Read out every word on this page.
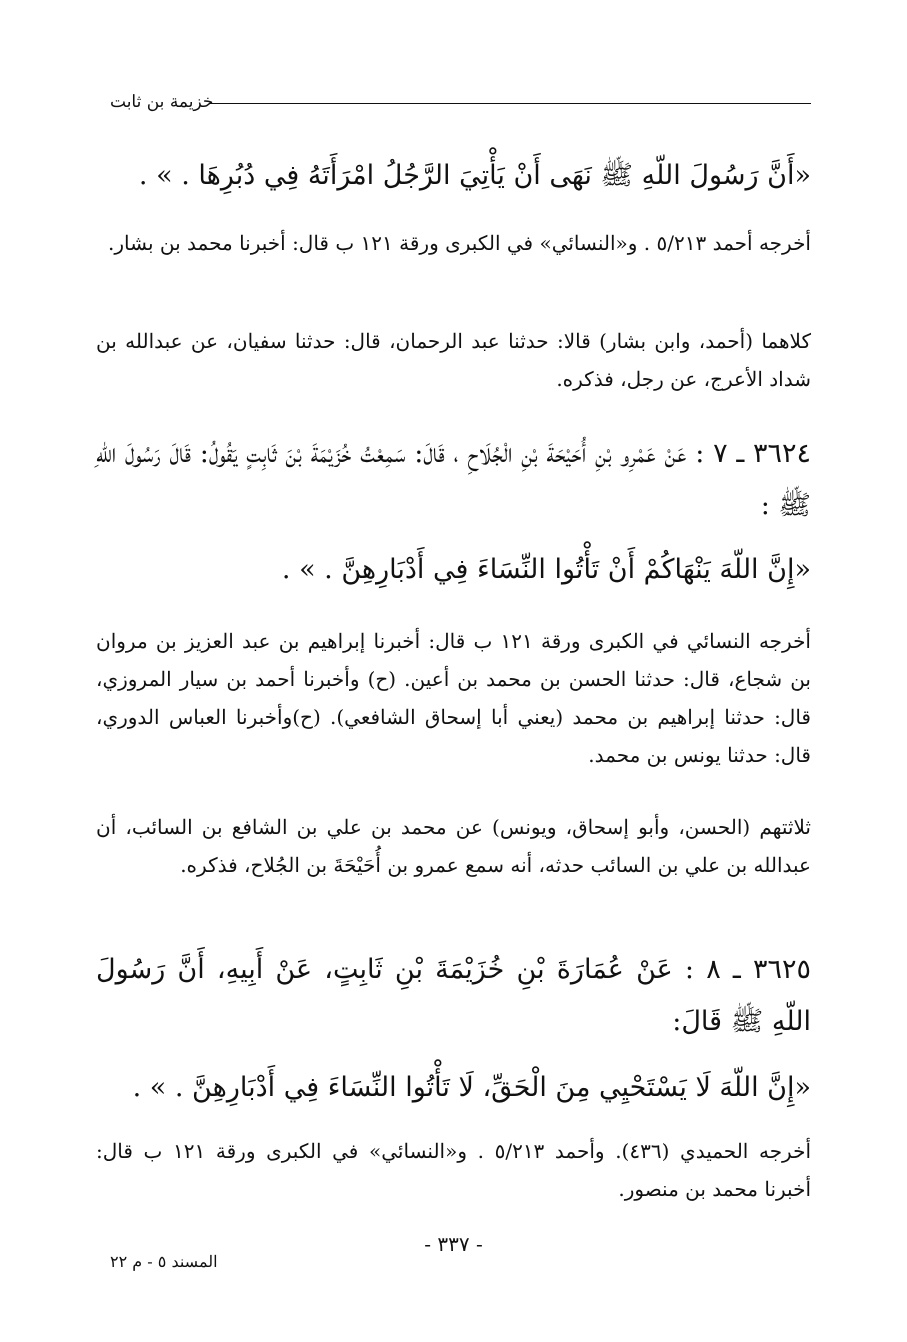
خزيمة بن ثابت
«أَنَّ رَسُولَ اللّهِ ﷺ نَهَى أَنْ يَأْتِيَ الرَّجُلُ امْرَأَتَهُ فِي دُبُرِهَا . » .
أخرجه أحمد ٥/٢١٣ . و«النسائي» في الكبرى ورقة ١٢١ ب قال: أخبرنا محمد بن بشار.
كلاهما (أحمد، وابن بشار) قالا: حدثنا عبد الرحمان، قال: حدثنا سفيان، عن عبدالله بن شداد الأعرج، عن رجل، فذكره.
٣٦٢٤ ـ ٧ : عَنْ عَمْرِو بْنِ أُحَيْحَةَ بْنِ الْجُلَاحِ ، قَالَ: سَمِعْتُ خُزَيْمَةَ بْنَ ثَابِتٍ يَقُولُ: قَالَ رَسُولَ اللّهِ ﷺ :
«إِنَّ اللّهَ يَنْهَاكُمْ أَنْ تَأْتُوا النِّسَاءَ فِي أَدْبَارِهِنَّ . » .
أخرجه النسائي في الكبرى ورقة ١٢١ ب قال: أخبرنا إبراهيم بن عبد العزيز بن مروان بن شجاع، قال: حدثنا الحسن بن محمد بن أعين. (ح) وأخبرنا أحمد بن سيار المروزي، قال: حدثنا إبراهيم بن محمد (يعني أبا إسحاق الشافعي). (ح)وأخبرنا العباس الدوري، قال: حدثنا يونس بن محمد.
ثلاثتهم (الحسن، وأبو إسحاق، ويونس) عن محمد بن علي بن الشافع بن السائب، أن عبدالله بن علي بن السائب حدثه، أنه سمع عمرو بن أُحَيْحَةَ بن الجُلاح، فذكره.
٣٦٢٥ ـ ٨ : عَنْ عُمَارَةَ بْنِ خُزَيْمَةَ بْنِ ثَابِتٍ، عَنْ أَبِيهِ، أَنَّ رَسُولَ اللّهِ ﷺ قَالَ:
«إِنَّ اللّهَ لَا يَسْتَحْيِي مِنَ الْحَقِّ، لَا تَأْتُوا النِّسَاءَ فِي أَدْبَارِهِنَّ . » .
أخرجه الحميدي (٤٣٦). وأحمد ٥/٢١٣ . و«النسائي» في الكبرى ورقة ١٢١ ب قال: أخبرنا محمد بن منصور.
- ٣٣٧ -
المسند ٥ - م ٢٢
